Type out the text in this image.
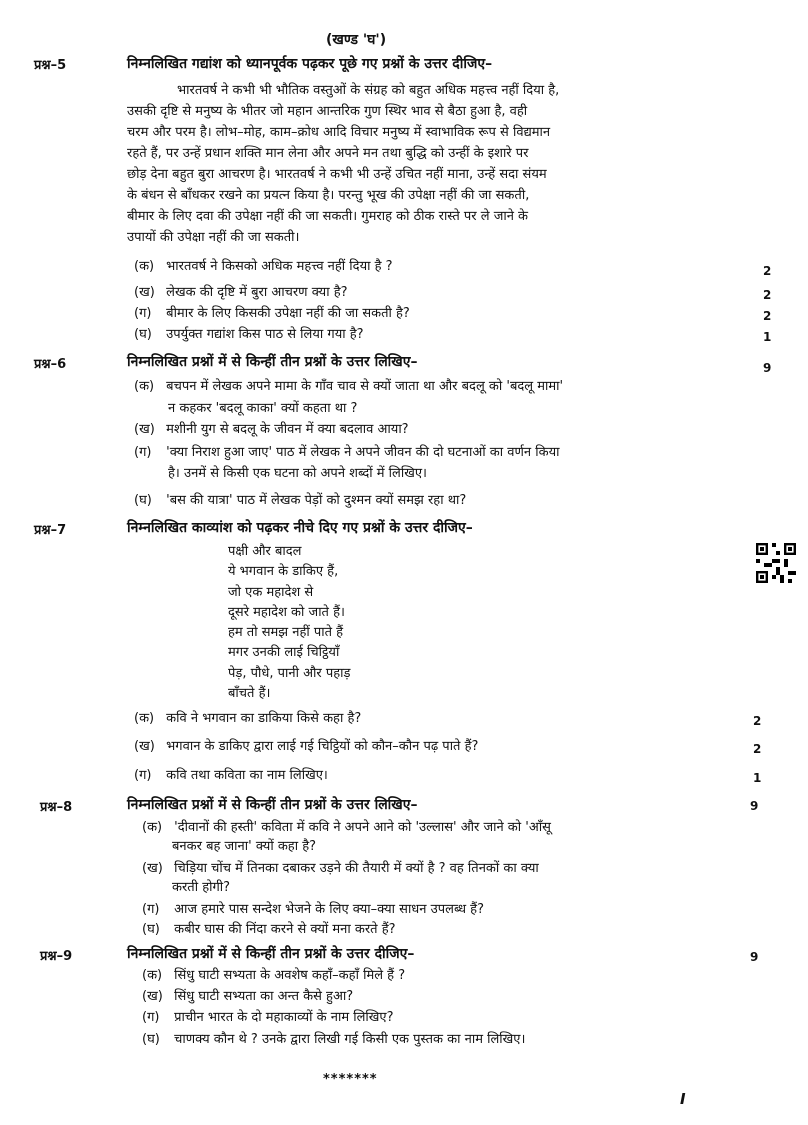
(खण्ड 'घ')
प्रश्न–5	निम्नलिखित गद्यांश को ध्यानपूर्वक पढ़कर पूछे गए प्रश्नों के उत्तर दीजिए–
भारतवर्ष ने कभी भी भौतिक वस्तुओं के संग्रह को बहुत अधिक महत्त्व नहीं दिया है,
उसकी दृष्टि से मनुष्य के भीतर जो महान आन्तरिक गुण स्थिर भाव से बैठा हुआ है, वही
चरम और परम है। लोभ–मोह, काम–क्रोध आदि विचार मनुष्य में स्वाभाविक रूप से विद्यमान
रहते हैं, पर उन्हें प्रधान शक्ति मान लेना और अपने मन तथा बुद्धि को उन्हीं के इशारे पर
छोड़ देना बहुत बुरा आचरण है। भारतवर्ष ने कभी भी उन्हें उचित नहीं माना, उन्हें सदा संयम
के बंधन से बाँधकर रखने का प्रयत्न किया है। परन्तु भूख की उपेक्षा नहीं की जा सकती,
बीमार के लिए दवा की उपेक्षा नहीं की जा सकती। गुमराह को ठीक रास्ते पर ले जाने के
उपायों की उपेक्षा नहीं की जा सकती।
(क) भारतवर्ष ने किसको अधिक महत्त्व नहीं दिया है ?	2
(ख) लेखक की दृष्टि में बुरा आचरण क्या है?	2
(ग) बीमार के लिए किसकी उपेक्षा नहीं की जा सकती है?	2
(घ) उपर्युक्त गद्यांश किस पाठ से लिया गया है?	1
प्रश्न–6	निम्नलिखित प्रश्नों में से किन्हीं तीन प्रश्नों के उत्तर लिखिए–	9
(क) बचपन में लेखक अपने मामा के गाँव चाव से क्यों जाता था और बदलू को 'बदलू मामा'
न कहकर 'बदलू काका' क्यों कहता था ?
(ख) मशीनी युग से बदलू के जीवन में क्या बदलाव आया?
(ग) 'क्या निराश हुआ जाए' पाठ में लेखक ने अपने जीवन की दो घटनाओं का वर्णन किया
है। उनमें से किसी एक घटना को अपने शब्दों में लिखिए।
(घ) 'बस की यात्रा' पाठ में लेखक पेड़ों को दुश्मन क्यों समझ रहा था?
प्रश्न–7	निम्नलिखित काव्यांश को पढ़कर नीचे दिए गए प्रश्नों के उत्तर दीजिए–
पक्षी और बादल
ये भगवान के डाकिए हैं,
जो एक महादेश से
दूसरे महादेश को जाते हैं।
हम तो समझ नहीं पाते हैं
मगर उनकी लाई चिट्ठियाँ
पेड़, पौधे, पानी और पहाड़
बाँचते हैं।
(क) कवि ने भगवान का डाकिया किसे कहा है?	2
(ख) भगवान के डाकिए द्वारा लाई गई चिट्ठियों को कौन–कौन पढ़ पाते हैं?	2
(ग) कवि तथा कविता का नाम लिखिए।	1
प्रश्न–8	निम्नलिखित प्रश्नों में से किन्हीं तीन प्रश्नों के उत्तर लिखिए–	9
(क) 'दीवानों की हस्ती' कविता में कवि ने अपने आने को 'उल्लास' और जाने को 'आँसू
बनकर बह जाना' क्यों कहा है?
(ख) चिड़िया चोंच में तिनका दबाकर उड़ने की तैयारी में क्यों है ? वह तिनकों का क्या
करती होगी?
(ग) आज हमारे पास सन्देश भेजने के लिए क्या–क्या साधन उपलब्ध हैं?
(घ) कबीर घास की निंदा करने से क्यों मना करते हैं?
प्रश्न–9	निम्नलिखित प्रश्नों में से किन्हीं तीन प्रश्नों के उत्तर दीजिए–	9
(क) सिंधु घाटी सभ्यता के अवशेष कहाँ–कहाँ मिले हैं ?
(ख) सिंधु घाटी सभ्यता का अन्त कैसे हुआ?
(ग) प्राचीन भारत के दो महाकाव्यों के नाम लिखिए?
(घ) चाणक्य कौन थे ? उनके द्वारा लिखी गई किसी एक पुस्तक का नाम लिखिए।
*******
I
